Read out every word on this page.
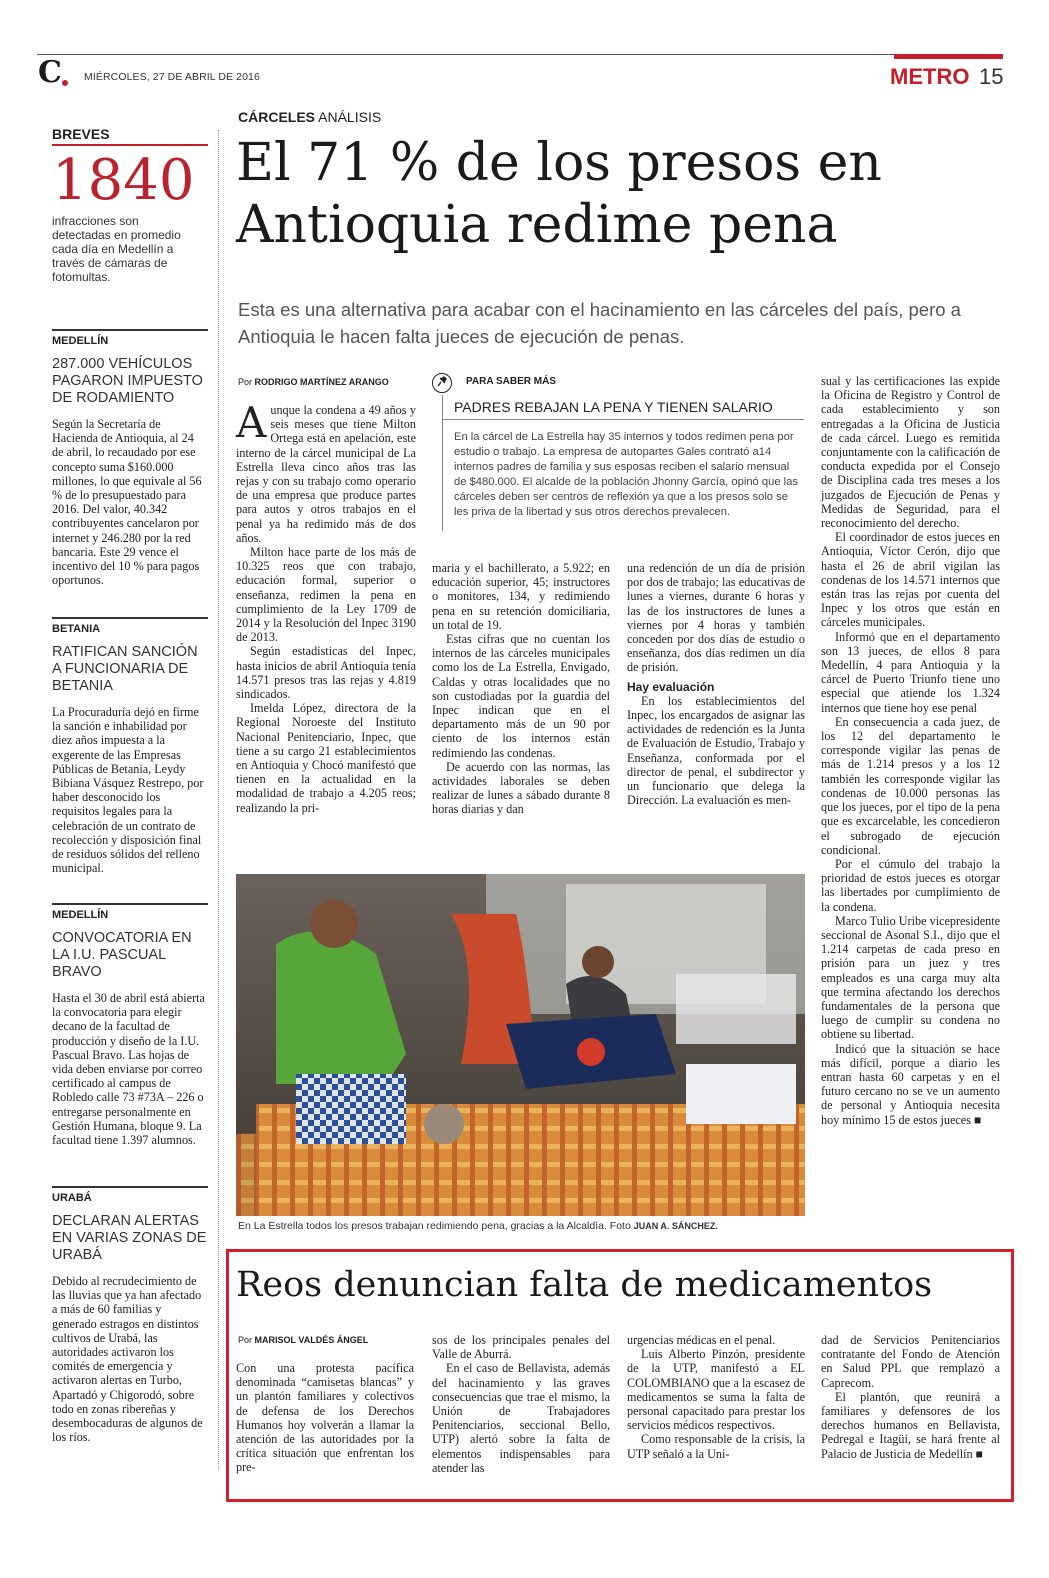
C MIÉRCOLES, 27 DE ABRIL DE 2016	METRO 15
BREVES
1840
infracciones son detectadas en promedio cada día en Medellín a través de cámaras de fotomultas.
MEDELLÍN
287.000 VEHÍCULOS PAGARON IMPUESTO DE RODAMIENTO
Según la Secretaría de Hacienda de Antioquia, al 24 de abril, lo recaudado por ese concepto suma $160.000 millones, lo que equivale al 56 % de lo presupuestado para 2016. Del valor, 40.342 contribuyentes cancelaron por internet y 246.280 por la red bancaria. Este 29 vence el incentivo del 10 % para pagos oportunos.
BETANIA
RATIFICAN SANCIÓN A FUNCIONARIA DE BETANIA
La Procuraduría dejó en firme la sanción e inhabilidad por diez años impuesta a la exgerente de las Empresas Públicas de Betania, Leydy Bibiana Vásquez Restrepo, por haber desconocido los requisitos legales para la celebración de un contrato de recolección y disposición final de residuos sólidos del relleno municipal.
MEDELLÍN
CONVOCATORIA EN LA I.U. PASCUAL BRAVO
Hasta el 30 de abril está abierta la convocatoria para elegir decano de la facultad de producción y diseño de la I.U. Pascual Bravo. Las hojas de vida deben enviarse por correo certificado al campus de Robledo calle 73 #73A – 226 o entregarse personalmente en Gestión Humana, bloque 9. La facultad tiene 1.397 alumnos.
URABÁ
DECLARAN ALERTAS EN VARIAS ZONAS DE URABÁ
Debido al recrudecimiento de las lluvias que ya han afectado a más de 60 familias y generado estragos en distintos cultivos de Urabá, las autoridades activaron los comités de emergencia y activaron alertas en Turbo, Apartadó y Chigorodó, sobre todo en zonas ribereñas y desembocaduras de algunos de los ríos.
CÁRCELES ANÁLISIS
El 71 % de los presos en Antioquia redime pena
Esta es una alternativa para acabar con el hacinamiento en las cárceles del país, pero a Antioquia le hacen falta jueces de ejecución de penas.
Por RODRIGO MARTÍNEZ ARANGO
A unque la condena a 49 años y seis meses que tiene Milton Ortega está en apelación, este interno de la cárcel municipal de La Estrella lleva cinco años tras las rejas y con su trabajo como operario de una empresa que produce partes para autos y otros trabajos en el penal ya ha redimido más de dos años.

Milton hace parte de los más de 10.325 reos que con trabajo, educación formal, superior o enseñanza, redimen la pena en cumplimiento de la Ley 1709 de 2014 y la Resolución del Inpec 3190 de 2013.

Según estadísticas del Inpec, hasta inicios de abril Antioquia tenía 14.571 presos tras las rejas y 4.819 sindicados.

Imelda López, directora de la Regional Noroeste del Instituto Nacional Penitenciario, Inpec, que tiene a su cargo 21 establecimientos en Antioquia y Chocó manifestó que tienen en la actualidad en la modalidad de trabajo a 4.205 reos; realizando la pri-

PARA SABER MÁS
PADRES REBAJAN LA PENA Y TIENEN SALARIO
En la cárcel de La Estrella hay 35 internos y todos redimen pena por estudio o trabajo. La empresa de autopartes Gales contrató a14 internos padres de familia y sus esposas reciben el salario mensual de $480.000. El alcalde de la población Jhonny García, opinó que las cárceles deben ser centros de reflexión ya que a los presos solo se les priva de la libertad y sus otros derechos prevalecen.

maria y el bachillerato, a 5.922; en educación superior, 45; instructores o monitores, 134, y redimiendo pena en su retención domiciliaria, un total de 19.

Estas cifras que no cuentan los internos de las cárceles municipales como los de La Estrella, Envigado, Caldas y otras localidades que no son custodiadas por la guardia del Inpec indican que en el departamento más de un 90 por ciento de los internos están redimiendo las condenas.

De acuerdo con las normas, las actividades laborales se deben realizar de lunes a sábado durante 8 horas diarias y dan

una redención de un día de prisión por dos de trabajo; las educativas de lunes a viernes, durante 6 horas y las de los instructores de lunes a viernes por 4 horas y también conceden por dos días de estudio o enseñanza, dos días redimen un día de prisión.

Hay evaluación

En los establecimientos del Inpec, los encargados de asignar las actividades de redención es la Junta de Evaluación de Estudio, Trabajo y Enseñanza, conformada por el director de penal, el subdirector y un funcionario que delega la Dirección. La evaluación es men-

sual y las certificaciones las expide la Oficina de Registro y Control de cada establecimiento y son entregadas a la Oficina de Justicia de cada cárcel. Luego es remitida conjuntamente con la calificación de conducta expedida por el Consejo de Disciplina cada tres meses a los juzgados de Ejecución de Penas y Medidas de Seguridad, para el reconocimiento del derecho.

El coordinador de estos jueces en Antioquia, Víctor Cerón, dijo que hasta el 26 de abril vigilan las condenas de los 14.571 internos que están tras las rejas por cuenta del Inpec y los otros que están en cárceles municipales.

Informó que en el departamento son 13 jueces, de ellos 8 para Medellín, 4 para Antioquia y la cárcel de Puerto Triunfo tiene uno especial que atiende los 1.324 internos que tiene hoy ese penal

En consecuencia a cada juez, de los 12 del departamento le corresponde vigilar las penas de más de 1.214 presos y a los 12 también les corresponde vigilar las condenas de 10.000 personas las que los jueces, por el tipo de la pena que es excarcelable, les concedieron el subrogado de ejecución condicional.

Por el cúmulo del trabajo la prioridad de estos jueces es otorgar las libertades por cumplimiento de la condena.

Marco Tulio Uribe vicepresidente seccional de Asonal S.I., dijo que el 1.214 carpetas de cada preso en prisión para un juez y tres empleados es una carga muy alta que termina afectando los derechos fundamentales de la persona que luego de cumplir su condena no obtiene su libertad.

Indicó que la situación se hace más difícil, porque a diario les entran hasta 60 carpetas y en el futuro cercano no se ve un aumento de personal y Antioquia necesita hoy mínimo 15 de estos jueces ■

En La Estrella todos los presos trabajan redimiendo pena, gracias a la Alcaldía. Foto JUAN A. SÁNCHEZ.
Reos denuncian falta de medicamentos
Por MARISOL VALDÉS ÁNGEL

Con una protesta pacífica denominada “camisetas blancas” y un plantón familiares y colectivos de defensa de los Derechos Humanos hoy volverán a llamar la atención de las autoridades por la crítica situación que enfrentan los pre-

sos de los principales penales del Valle de Aburrá.

En el caso de Bellavista, además del hacinamiento y las graves consecuencias que trae el mismo, la Unión de Trabajadores Penitenciarios, seccional Bello, UTP) alertó sobre la falta de elementos indispensables para atender las

urgencias médicas en el penal.

Luis Alberto Pinzón, presidente de la UTP, manifestó a EL COLOMBIANO que a la escasez de medicamentos se suma la falta de personal capacitado para prestar los servicios médicos respectivos.

Como responsable de la crisis, la UTP señaló a la Uni-

dad de Servicios Penitenciarios contratante del Fondo de Atención en Salud PPL que remplazó a Caprecom.

El plantón, que reunirá a familiares y defensores de los derechos humanos en Bellavista, Pedregal e Itagüí, se hará frente al Palacio de Justicia de Medellín ■
